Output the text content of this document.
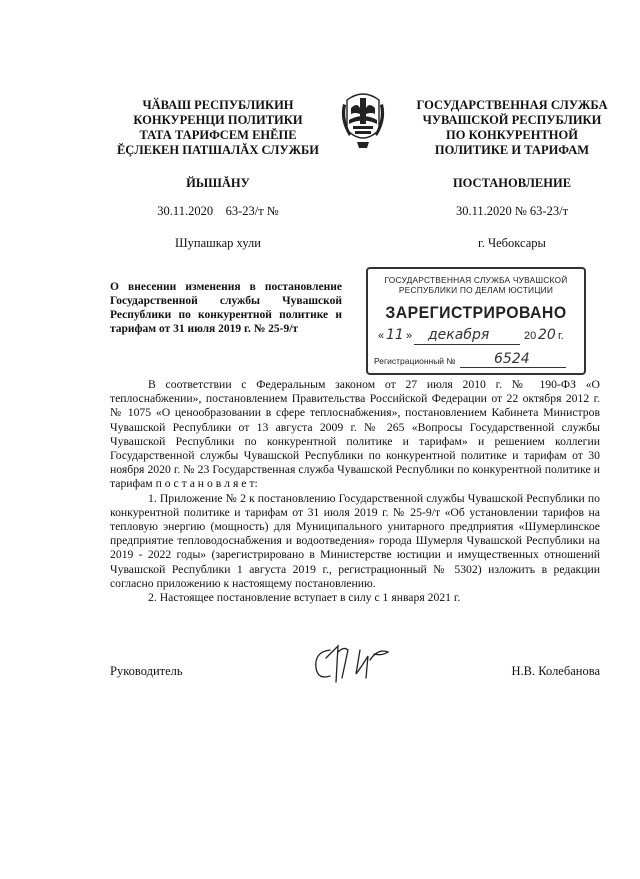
ЧӐВАШ РЕСПУБЛИКИН
КОНКУРЕНЦИ ПОЛИТИКИ
ТАТА ТАРИФСЕМ ЕНĔПЕ
ĔÇЛЕКЕН ПАТШАЛĂХ СЛУЖБИ
ГОСУДАРСТВЕННАЯ СЛУЖБА
ЧУВАШСКОЙ РЕСПУБЛИКИ
ПО КОНКУРЕНТНОЙ
ПОЛИТИКЕ И ТАРИФАМ
ЙЫШĂНУ	ПОСТАНОВЛЕНИЕ
30.11.2020    63-23/т №	30.11.2020 № 63-23/т
Шупашкар хули	г. Чебоксары
О внесении изменения в постановление Государственной службы Чувашской Республики по конкурентной политике и тарифам от 31 июля 2019 г. № 25-9/т
ГОСУДАРСТВЕННАЯ СЛУЖБА ЧУВАШСКОЙ
РЕСПУБЛИКИ ПО ДЕЛАМ ЮСТИЦИИ
ЗАРЕГИСТРИРОВАНО
« 11 » декабря	20 20 г.
Регистрационный №	6524

В соответствии с Федеральным законом от 27 июля 2010 г. № 190-ФЗ «О теплоснабжении», постановлением Правительства Российской Федерации от 22 октября 2012 г. № 1075 «О ценообразовании в сфере теплоснабжения», постановлением Кабинета Министров Чувашской Республики от 13 августа 2009 г. № 265 «Вопросы Государственной службы Чувашской Республики по конкурентной политике и тарифам» и решением коллегии Государственной службы Чувашской Республики по конкурентной политике и тарифам от 30 ноября 2020 г. № 23 Государственная служба Чувашской Республики по конкурентной политике и тарифам п о с т а н о в л я е т:

1. Приложение № 2 к постановлению Государственной службы Чувашской Республики по конкурентной политике и тарифам от 31 июля 2019 г. № 25-9/т «Об установлении тарифов на тепловую энергию (мощность) для Муниципального унитарного предприятия «Шумерлинское предприятие тепловодоснабжения и водоотведения» города Шумерля Чувашской Республики на 2019 - 2022 годы» (зарегистрировано в Министерстве юстиции и имущественных отношений Чувашской Республики 1 августа 2019 г., регистрационный № 5302) изложить в редакции согласно приложению к настоящему постановлению.

2. Настоящее постановление вступает в силу с 1 января 2021 г.

Руководитель	Н.В. Колебанова
